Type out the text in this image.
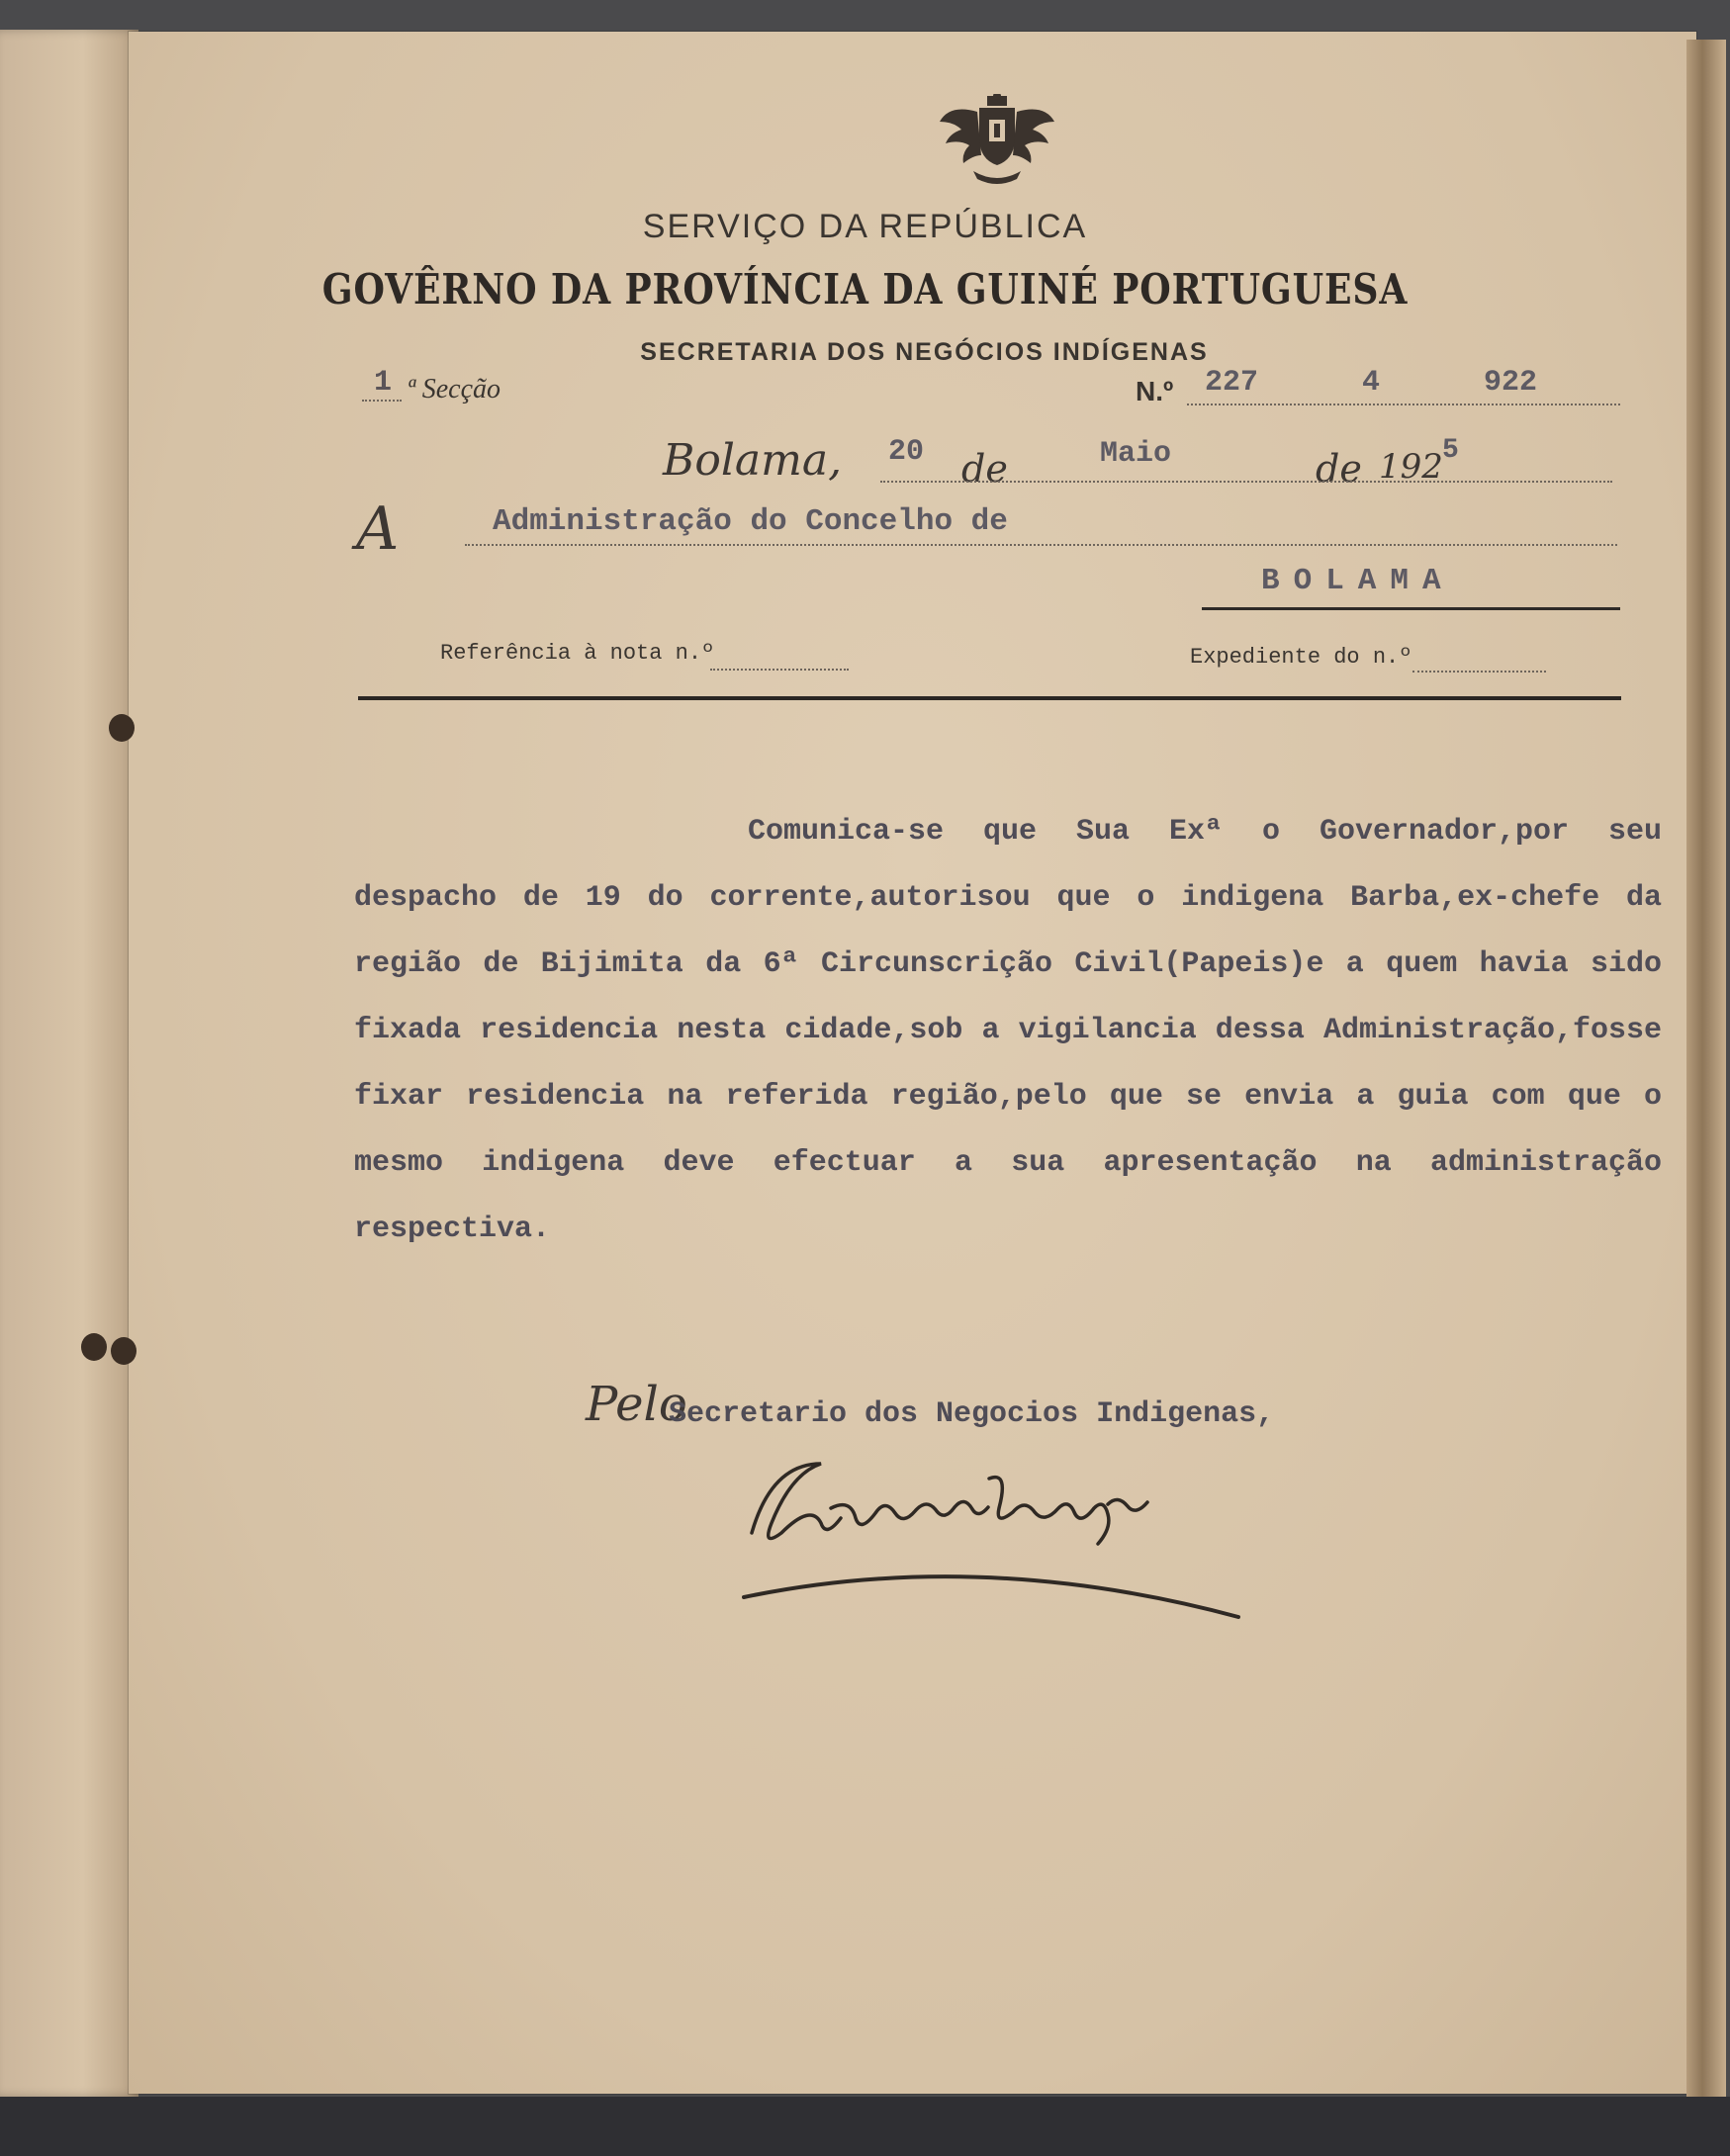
SERVIÇO DA REPÚBLICA
GOVÊRNO DA PROVÍNCIA DA GUINÉ PORTUGUESA
SECRETARIA DOS NEGÓCIOS INDÍGENAS
1 ª Secção	N.º 227	4	922
Bolama, 20 de	Maio	de 192 5
A	Administração do Concelho de
BOLAMA
Referência à nota n.º	Expediente do n.º
Comunica-se que Sua Exª o Governador,por seu despacho de 19 do corrente,autorisou que o indigena Barba,ex-chefe da região de Bijimita da 6ª Circunscrição Civil(Papeis)e a quem havia sido fixada residencia nesta cidade,sob a vigilancia dessa Administração,fosse fixar residencia na referida região,pelo que se envia a guia com que o mesmo indigena deve efectuar a sua apresentação na administração respectiva.
Pelo
Secretario dos Negocios Indigenas,
